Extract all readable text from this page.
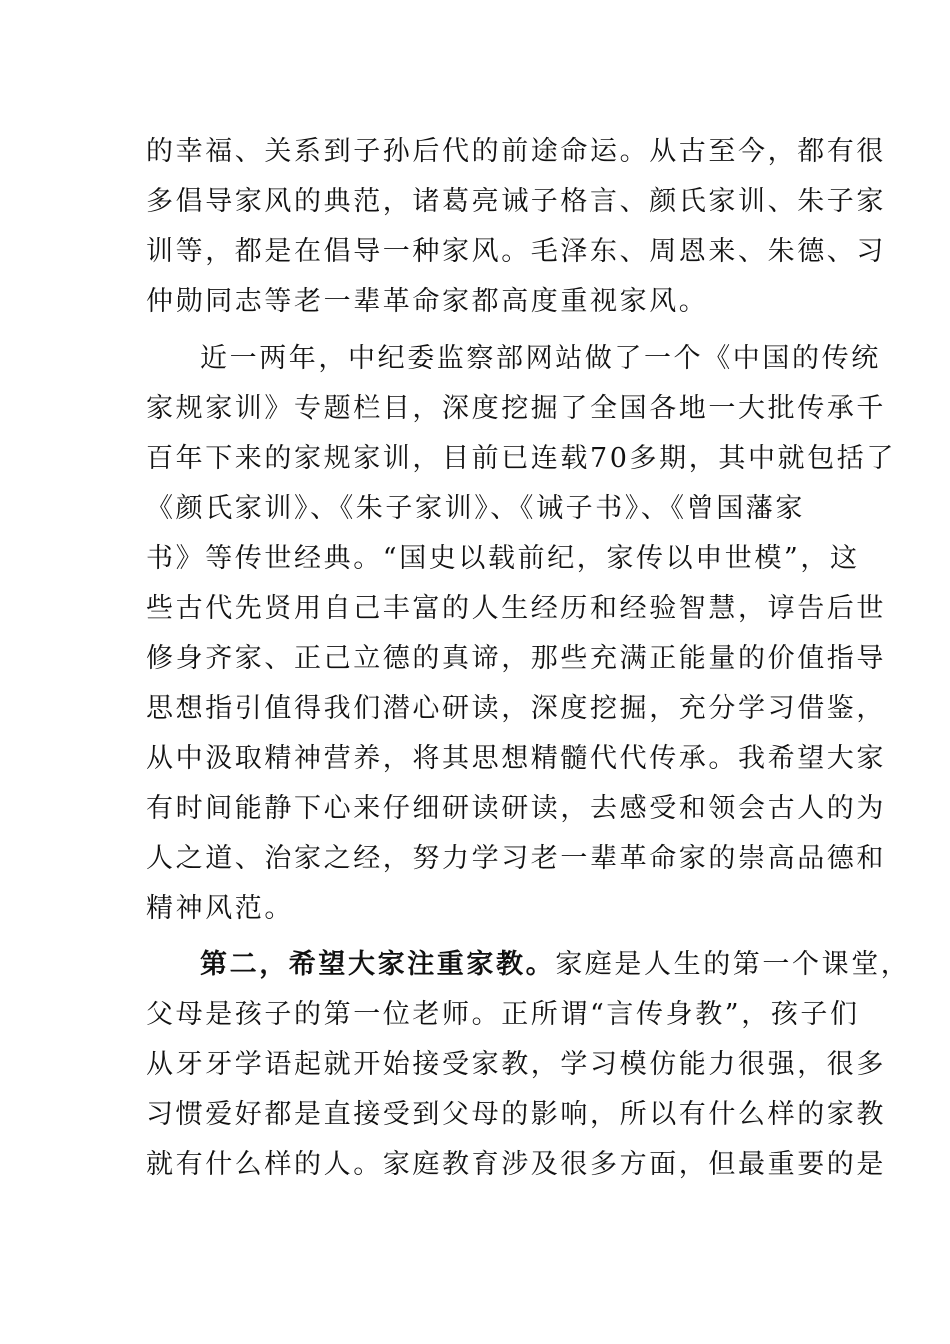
的幸福、关系到子孙后代的前途命运。从古至今，都有很
多倡导家风的典范，诸葛亮诫子格言、颜氏家训、朱子家
训等，都是在倡导一种家风。毛泽东、周恩来、朱德、习
仲勋同志等老一辈革命家都高度重视家风。
近一两年，中纪委监察部网站做了一个《中国的传统
家规家训》专题栏目，深度挖掘了全国各地一大批传承千
百年下来的家规家训，目前已连载70多期，其中就包括了
《颜氏家训》、《朱子家训》、《诫子书》、《曾国藩家
书》等传世经典。“国史以载前纪，家传以申世模”，这
些古代先贤用自己丰富的人生经历和经验智慧，谆告后世
修身齐家、正己立德的真谛，那些充满正能量的价值指导
思想指引值得我们潜心研读，深度挖掘，充分学习借鉴，
从中汲取精神营养，将其思想精髓代代传承。我希望大家
有时间能静下心来仔细研读研读，去感受和领会古人的为
人之道、治家之经，努力学习老一辈革命家的崇高品德和
精神风范。
第二，希望大家注重家教。家庭是人生的第一个课堂，
父母是孩子的第一位老师。正所谓“言传身教”，孩子们
从牙牙学语起就开始接受家教，学习模仿能力很强，很多
习惯爱好都是直接受到父母的影响，所以有什么样的家教
就有什么样的人。家庭教育涉及很多方面，但最重要的是
